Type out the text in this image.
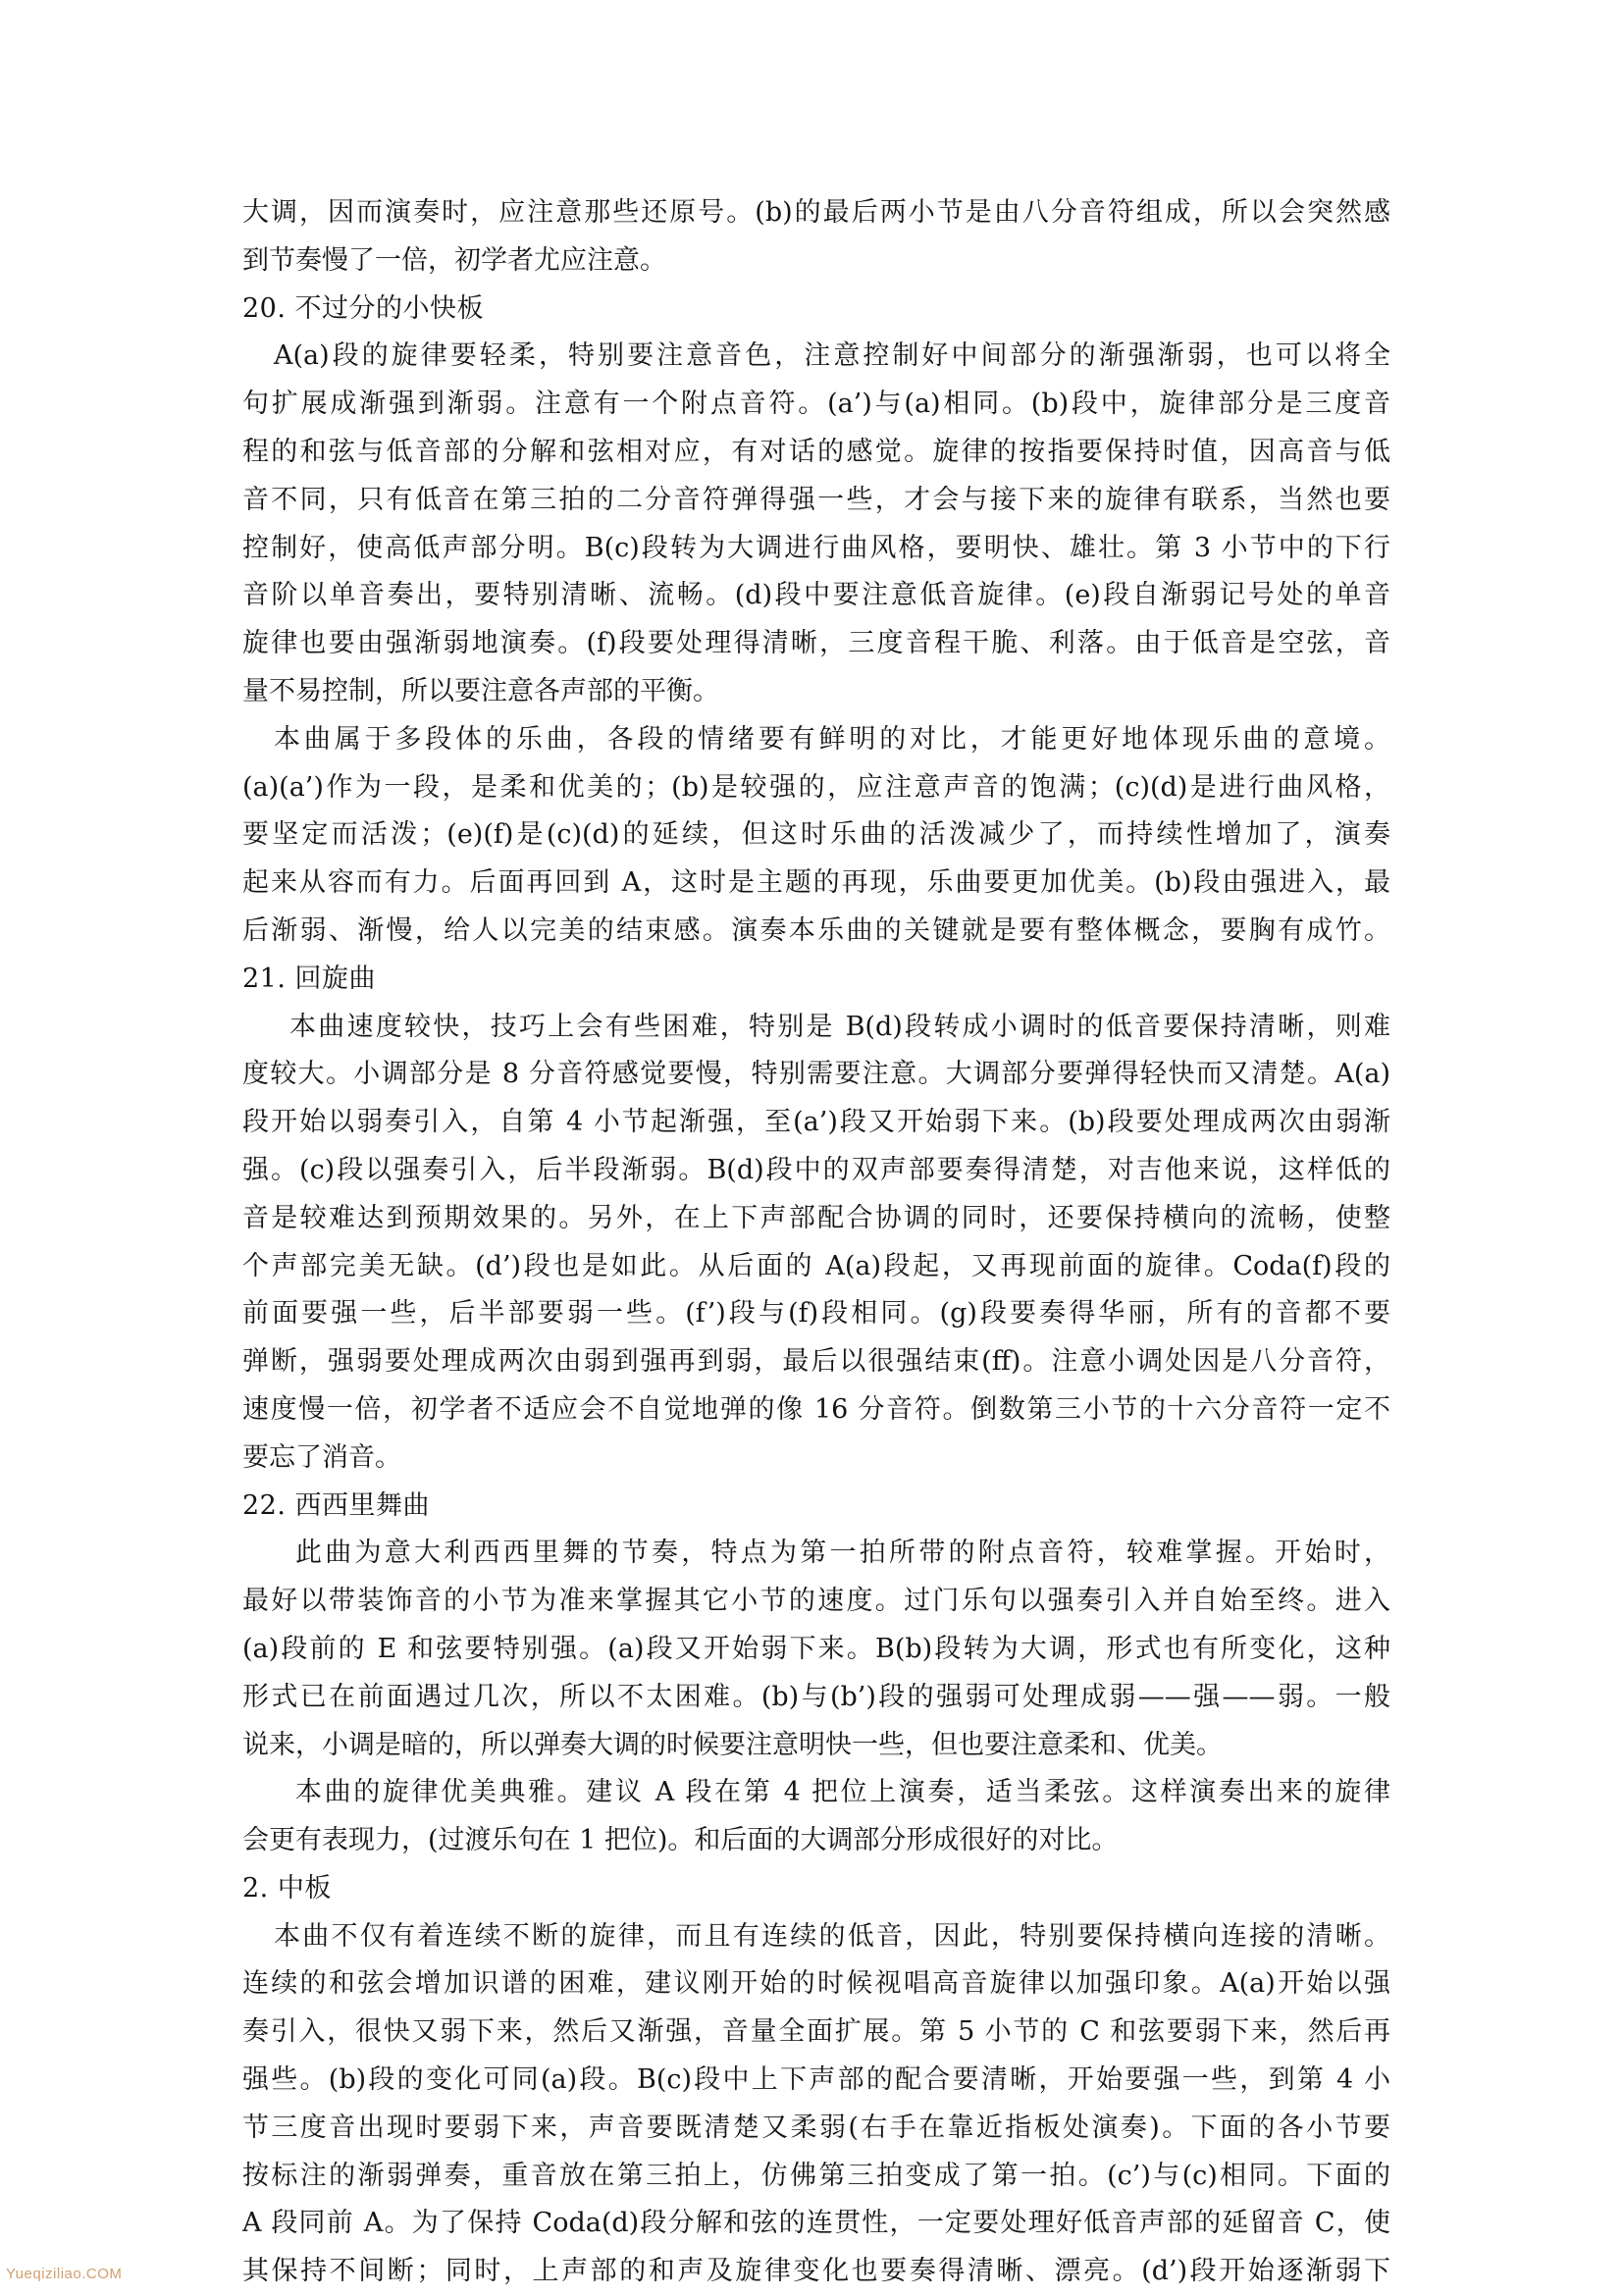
大调，因而演奏时，应注意那些还原号。(b)的最后两小节是由八分音符组成，所以会突然感
到节奏慢了一倍，初学者尤应注意。
20. 不过分的小快板
A(a)段的旋律要轻柔，特别要注意音色，注意控制好中间部分的渐强渐弱，也可以将全
句扩展成渐强到渐弱。注意有一个附点音符。(a’)与(a)相同。(b)段中，旋律部分是三度音
程的和弦与低音部的分解和弦相对应，有对话的感觉。旋律的按指要保持时值，因高音与低
音不同，只有低音在第三拍的二分音符弹得强一些，才会与接下来的旋律有联系，当然也要
控制好，使高低声部分明。B(c)段转为大调进行曲风格，要明快、雄壮。第 3 小节中的下行
音阶以单音奏出，要特别清晰、流畅。(d)段中要注意低音旋律。(e)段自渐弱记号处的单音
旋律也要由强渐弱地演奏。(f)段要处理得清晰，三度音程干脆、利落。由于低音是空弦，音
量不易控制，所以要注意各声部的平衡。
本曲属于多段体的乐曲，各段的情绪要有鲜明的对比，才能更好地体现乐曲的意境。
(a)(a’)作为一段，是柔和优美的；(b)是较强的，应注意声音的饱满；(c)(d)是进行曲风格，
要坚定而活泼；(e)(f)是(c)(d)的延续，但这时乐曲的活泼减少了，而持续性增加了，演奏
起来从容而有力。后面再回到 A，这时是主题的再现，乐曲要更加优美。(b)段由强进入，最
后渐弱、渐慢，给人以完美的结束感。演奏本乐曲的关键就是要有整体概念，要胸有成竹。
21. 回旋曲
本曲速度较快，技巧上会有些困难，特别是 B(d)段转成小调时的低音要保持清晰，则难
度较大。小调部分是 8 分音符感觉要慢，特别需要注意。大调部分要弹得轻快而又清楚。A(a)
段开始以弱奏引入，自第 4 小节起渐强，至(a’)段又开始弱下来。(b)段要处理成两次由弱渐
强。(c)段以强奏引入，后半段渐弱。B(d)段中的双声部要奏得清楚，对吉他来说，这样低的
音是较难达到预期效果的。另外，在上下声部配合协调的同时，还要保持横向的流畅，使整
个声部完美无缺。(d’)段也是如此。从后面的 A(a)段起，又再现前面的旋律。Coda(f)段的
前面要强一些，后半部要弱一些。(f’)段与(f)段相同。(g)段要奏得华丽，所有的音都不要
弹断，强弱要处理成两次由弱到强再到弱，最后以很强结束(ff)。注意小调处因是八分音符，
速度慢一倍，初学者不适应会不自觉地弹的像 16 分音符。倒数第三小节的十六分音符一定不
要忘了消音。
22. 西西里舞曲
此曲为意大利西西里舞的节奏，特点为第一拍所带的附点音符，较难掌握。开始时，
最好以带装饰音的小节为准来掌握其它小节的速度。过门乐句以强奏引入并自始至终。进入
(a)段前的 E 和弦要特别强。(a)段又开始弱下来。B(b)段转为大调，形式也有所变化，这种
形式已在前面遇过几次，所以不太困难。(b)与(b’)段的强弱可处理成弱——强——弱。一般
说来，小调是暗的，所以弹奏大调的时候要注意明快一些，但也要注意柔和、优美。
本曲的旋律优美典雅。建议 A 段在第 4 把位上演奏，适当柔弦。这样演奏出来的旋律
会更有表现力，(过渡乐句在 1 把位)。和后面的大调部分形成很好的对比。
2. 中板
本曲不仅有着连续不断的旋律，而且有连续的低音，因此，特别要保持横向连接的清晰。
连续的和弦会增加识谱的困难，建议刚开始的时候视唱高音旋律以加强印象。A(a)开始以强
奏引入，很快又弱下来，然后又渐强，音量全面扩展。第 5 小节的 C 和弦要弱下来，然后再
强些。(b)段的变化可同(a)段。B(c)段中上下声部的配合要清晰，开始要强一些，到第 4 小
节三度音出现时要弱下来，声音要既清楚又柔弱(右手在靠近指板处演奏)。下面的各小节要
按标注的渐弱弹奏，重音放在第三拍上，仿佛第三拍变成了第一拍。(c’)与(c)相同。下面的
A 段同前 A。为了保持 Coda(d)段分解和弦的连贯性，一定要处理好低音声部的延留音 C，使
其保持不间断；同时，上声部的和声及旋律变化也要奏得清晰、漂亮。(d’)段开始逐渐弱下
Yueqiziliao.COM
